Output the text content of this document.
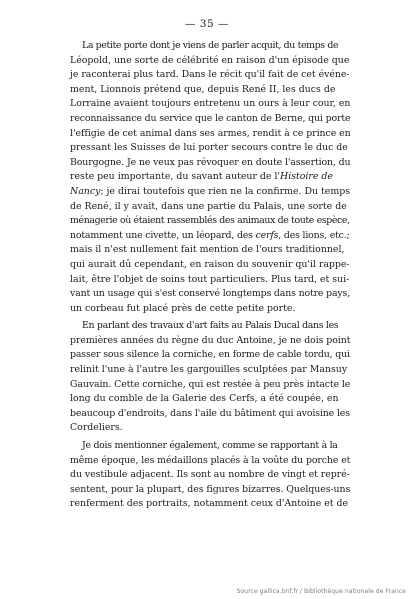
— 35 —

La petite porte dont je viens de parler acquit, du temps de
Léopold, une sorte de célébrité en raison d'un épisode que
je raconterai plus tard. Dans le récit qu'il fait de cet événe-
ment, Lionnois prétend que, depuis René II, les ducs de
Lorraine avaient toujours entretenu un ours à leur cour, en
reconnaissance du service que le canton de Berne, qui porte
l'effigie de cet animal dans ses armes, rendit à ce prince en
pressant les Suisses de lui porter secours contre le duc de
Bourgogne. Je ne veux pas révoquer en doute l'assertion, du
reste peu importante, du savant auteur de l'Histoire de
Nancy; je dirai toutefois que rien ne la confirme. Du temps
de René, il y avait, dans une partie du Palais, une sorte de
ménagerie où étaient rassemblés des animaux de toute espèce,
notamment une civette, un léopard, des cerfs, des lions, etc.;
mais il n'est nullement fait mention de l'ours traditionnel,
qui aurait dû cependant, en raison du souvenir qu'il rappe-
lait, être l'objet de soins tout particuliers. Plus tard, et sui-
vant un usage qui s'est conservé longtemps dans notre pays,
un corbeau fut placé près de cette petite porte.

En parlant des travaux d'art faits au Palais Ducal dans les
premières années du règne du duc Antoine, je ne dois point
passer sous silence la corniche, en forme de cable tordu, qui
relinit l'une à l'autre les gargouilles sculptées par Mansuy
Gauvain. Cette corniche, qui est restée à peu près intacte le
long du comble de la Galerie des Cerfs, a été coupée, en
beaucoup d'endroits, dans l'aile du bâtiment qui avoisine les
Cordeliers.

Je dois mentionner également, comme se rapportant à la
même époque, les médaillons placés à la voûte du porche et
du vestibule adjacent. Ils sont au nombre de vingt et repré-
sentent, pour la plupart, des figures bizarres. Quelques-uns
renferment des portraits, notamment ceux d'Antoine et de

Source gallica.bnf.fr / Bibliothèque nationale de France
